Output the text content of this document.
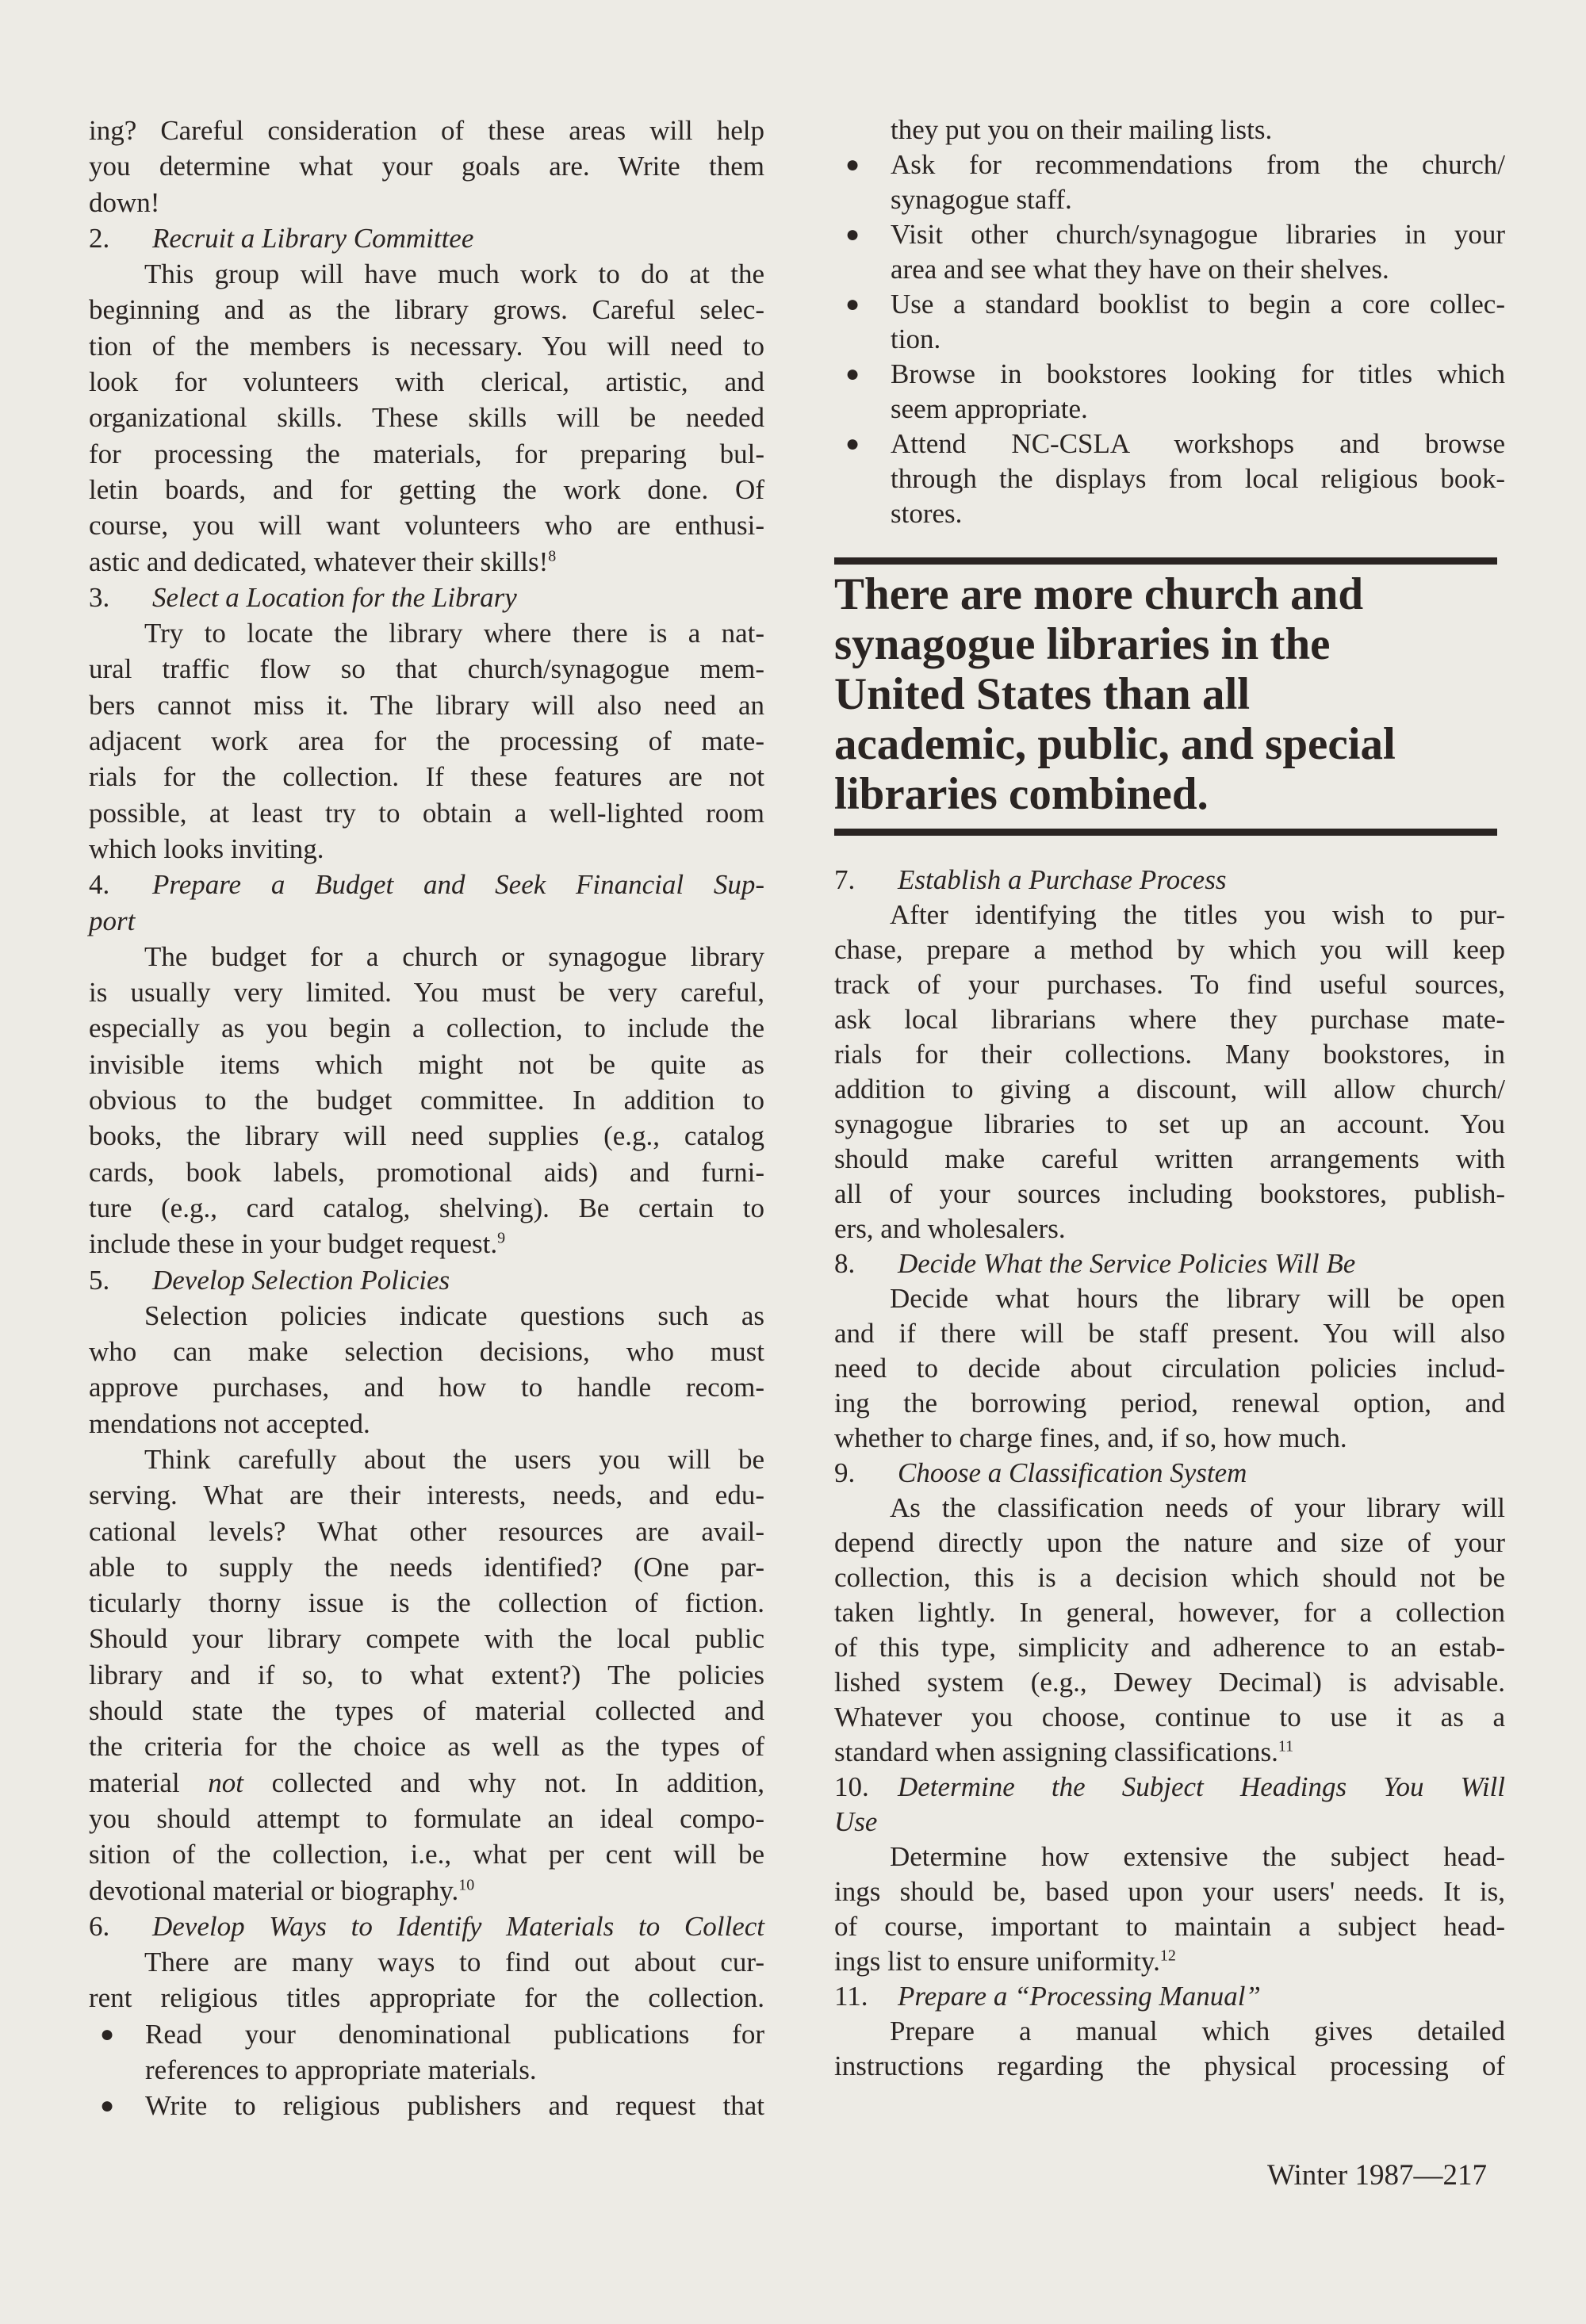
ing? Careful consideration of these areas will help
you determine what your goals are. Write them
down!
2. Recruit a Library Committee
This group will have much work to do at the
beginning and as the library grows. Careful selec-
tion of the members is necessary. You will need to
look for volunteers with clerical, artistic, and
organizational skills. These skills will be needed
for processing the materials, for preparing bul-
letin boards, and for getting the work done. Of
course, you will want volunteers who are enthusi-
astic and dedicated, whatever their skills!$^8$
3. Select a Location for the Library
Try to locate the library where there is a nat-
ural traffic flow so that church/synagogue mem-
bers cannot miss it. The library will also need an
adjacent work area for the processing of mate-
rials for the collection. If these features are not
possible, at least try to obtain a well-lighted room
which looks inviting.
4. Prepare a Budget and Seek Financial Sup-
port
The budget for a church or synagogue library
is usually very limited. You must be very careful,
especially as you begin a collection, to include the
invisible items which might not be quite as
obvious to the budget committee. In addition to
books, the library will need supplies (e.g., catalog
cards, book labels, promotional aids) and furni-
ture (e.g., card catalog, shelving). Be certain to
include these in your budget request.$^9$
5. Develop Selection Policies
Selection policies indicate questions such as
who can make selection decisions, who must
approve purchases, and how to handle recom-
mendations not accepted.
Think carefully about the users you will be
serving. What are their interests, needs, and edu-
cational levels? What other resources are avail-
able to supply the needs identified? (One par-
ticularly thorny issue is the collection of fiction.
Should your library compete with the local public
library and if so, to what extent?) The policies
should state the types of material collected and
the criteria for the choice as well as the types of
material not collected and why not. In addition,
you should attempt to formulate an ideal compo-
sition of the collection, i.e., what per cent will be
devotional material or biography.$^{10}$
6. Develop Ways to Identify Materials to Collect
There are many ways to find out about cur-
rent religious titles appropriate for the collection.
● Read your denominational publications for
references to appropriate materials.
● Write to religious publishers and request that
they put you on their mailing lists.
● Ask for recommendations from the church/
synagogue staff.
● Visit other church/synagogue libraries in your
area and see what they have on their shelves.
● Use a standard booklist to begin a core collec-
tion.
● Browse in bookstores looking for titles which
seem appropriate.
● Attend NC-CSLA workshops and browse
through the displays from local religious book-
stores.
There are more church and
synagogue libraries in the
United States than all
academic, public, and special
libraries combined.
7. Establish a Purchase Process
After identifying the titles you wish to pur-
chase, prepare a method by which you will keep
track of your purchases. To find useful sources,
ask local librarians where they purchase mate-
rials for their collections. Many bookstores, in
addition to giving a discount, will allow church/
synagogue libraries to set up an account. You
should make careful written arrangements with
all of your sources including bookstores, publish-
ers, and wholesalers.
8. Decide What the Service Policies Will Be
Decide what hours the library will be open
and if there will be staff present. You will also
need to decide about circulation policies includ-
ing the borrowing period, renewal option, and
whether to charge fines, and, if so, how much.
9. Choose a Classification System
As the classification needs of your library will
depend directly upon the nature and size of your
collection, this is a decision which should not be
taken lightly. In general, however, for a collection
of this type, simplicity and adherence to an estab-
lished system (e.g., Dewey Decimal) is advisable.
Whatever you choose, continue to use it as a
standard when assigning classifications.$^{11}$
10. Determine the Subject Headings You Will
Use
Determine how extensive the subject head-
ings should be, based upon your users' needs. It is,
of course, important to maintain a subject head-
ings list to ensure uniformity.$^{12}$
11. Prepare a “Processing Manual”
Prepare a manual which gives detailed
instructions regarding the physical processing of
Winter 1987—217
